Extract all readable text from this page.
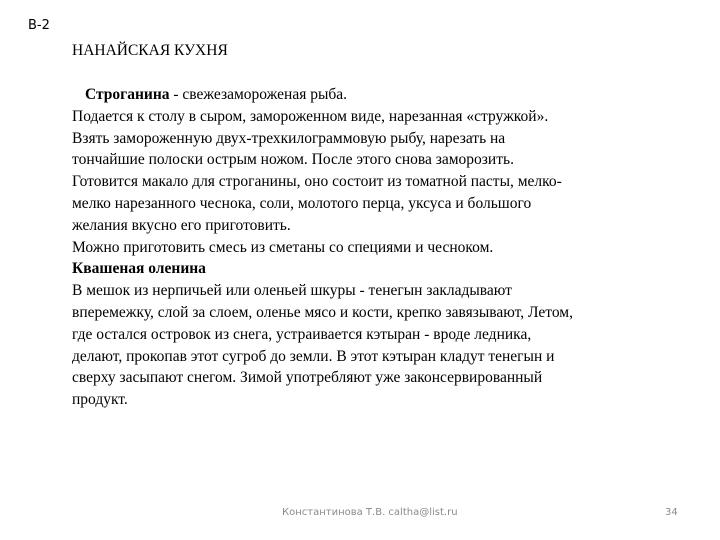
В-2
НАНАЙСКАЯ КУХНЯ
Строганина - свежезамороженая рыба.
Подается к столу в сыром, замороженном виде, нарезанная «стружкой».
Взять замороженную двух-трехкилограммовую рыбу, нарезать на
тончайшие полоски острым ножом. После этого снова заморозить.
Готовится макало для строганины, оно состоит из томатной пасты, мелко-
мелко нарезанного чеснока, соли, молотого перца, уксуса и большого
желания вкусно его приготовить.
Можно приготовить смесь из сметаны со специями и чесноком.
Квашеная оленина
В мешок из нерпичьей или оленьей шкуры - тенегын закладывают
вперемежку, слой за слоем, оленье мясо и кости, крепко завязывают, Летом,
где остался островок из снега, устраивается кэтыран - вроде ледника,
делают, прокопав этот сугроб до земли. В этот кэтыран кладут тенегын и
сверху засыпают снегом. Зимой употребляют уже законсервированный
продукт.
Константинова Т.В. caltha@list.ru	34
